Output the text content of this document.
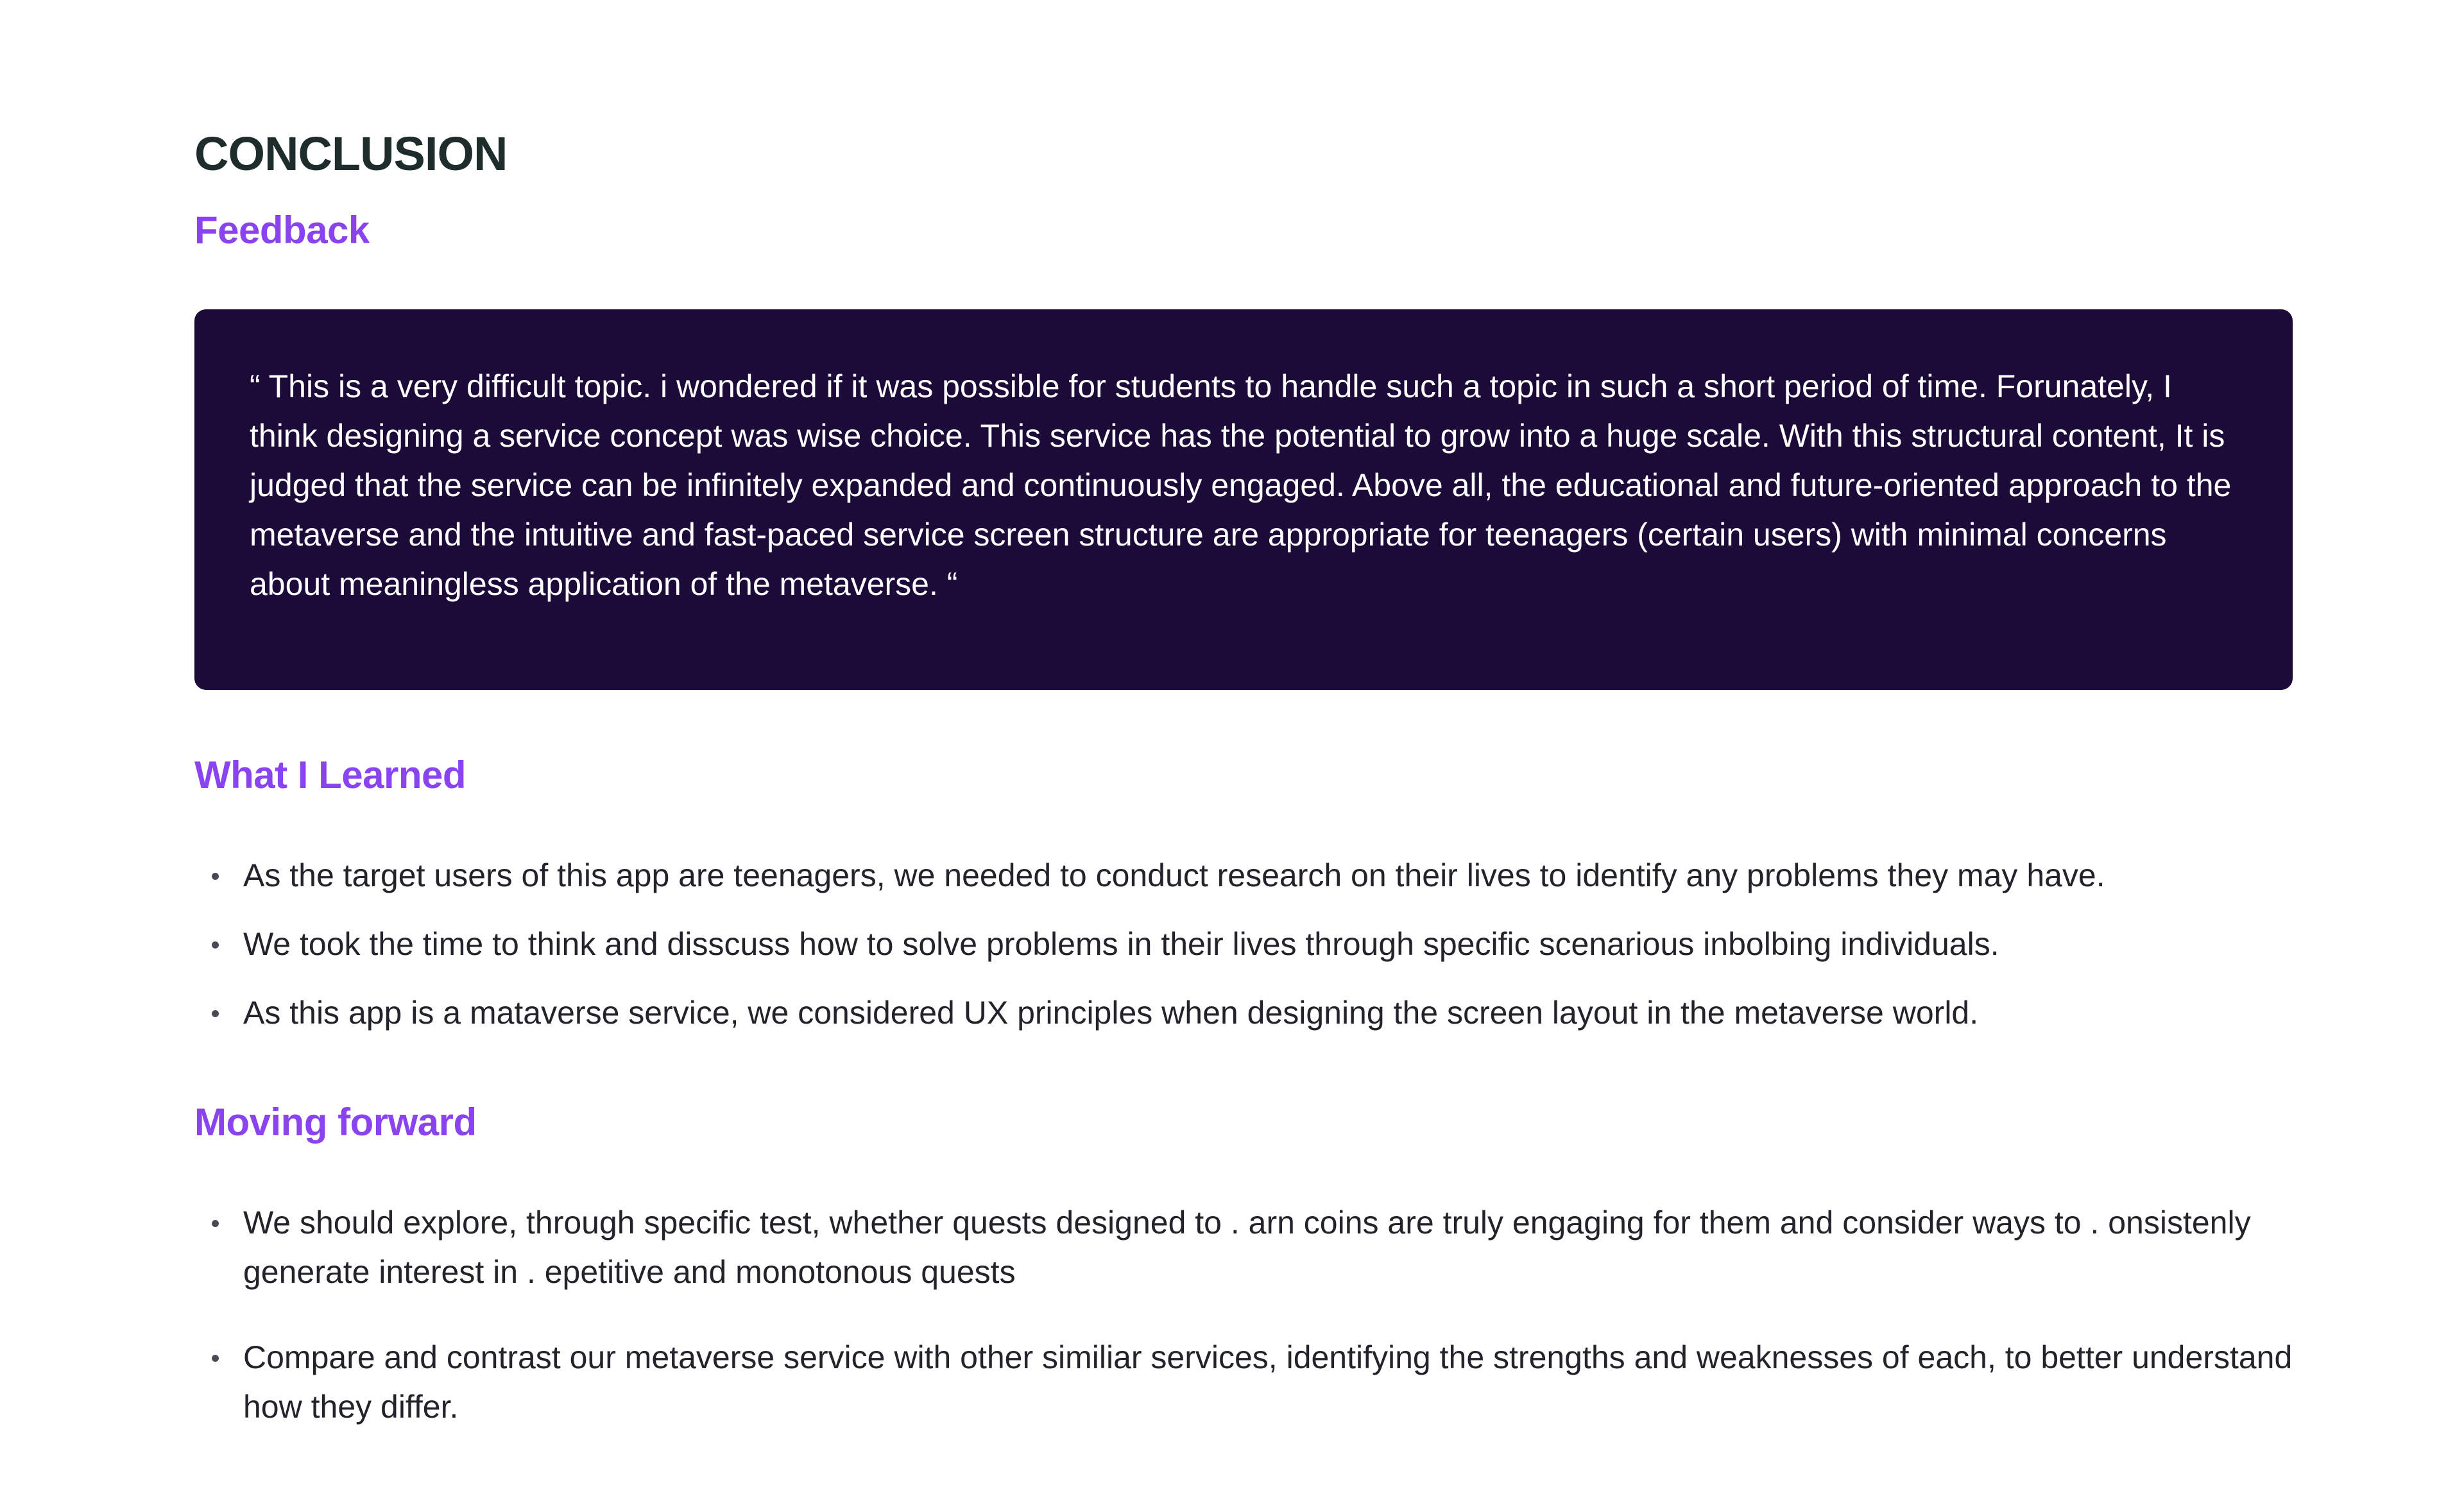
CONCLUSION
Feedback

“ This is a very difficult topic. i wondered if it was possible for students to handle such a topic in such a short period of time. Forunately, I think designing a service concept was wise choice. This service has the potential to grow into a huge scale. With this structural content, It is judged that the service can be infinitely expanded and continuously engaged. Above all, the educational and future-oriented approach to the metaverse and the intuitive and fast-paced service screen structure are appropriate for teenagers (certain users) with minimal concerns about meaningless application of the metaverse. “

What I Learned
As the target users of this app are teenagers, we needed to conduct research on their lives to identify any problems they may have.
We took the time to think and disscuss how to solve problems in their lives through specific scenarious inbolbing individuals.
As this app is a mataverse service, we considered UX principles when designing the screen layout in the metaverse world.
Moving forward
We should explore, through specific test, whether quests designed to . arn coins are truly engaging for them and consider ways to . onsistenly generate interest in . epetitive and monotonous quests
Compare and contrast our metaverse service with other similiar services, identifying the strengths and weaknesses of each, to better understand how they differ.
